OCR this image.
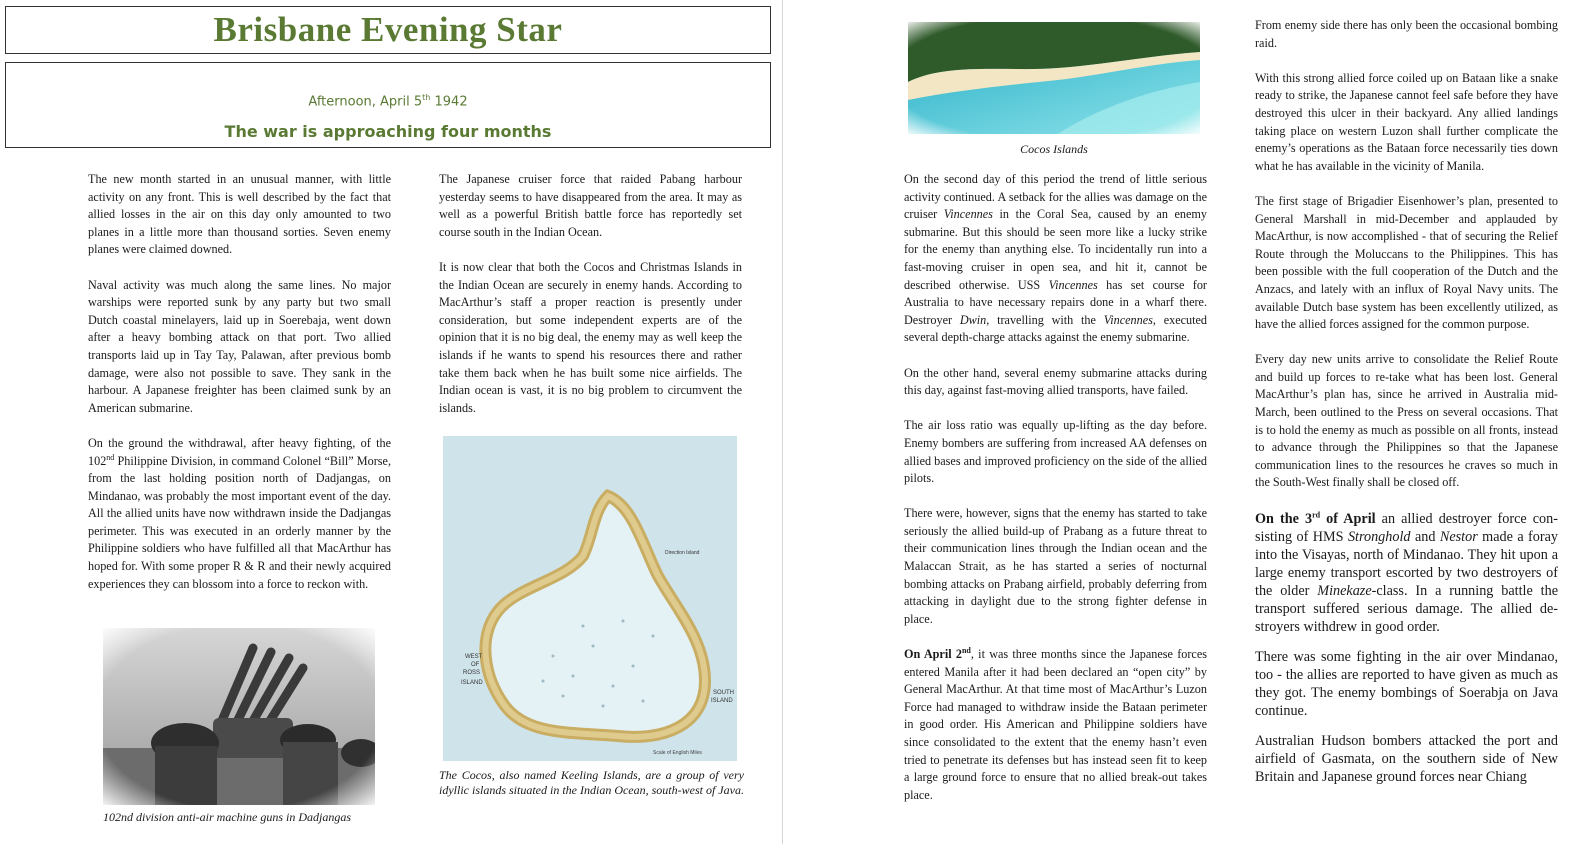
Brisbane Evening Star
Afternoon, April 5th 1942
The war is approaching four months

The new month started in an unusual manner, with little activity on any front. This is well described by the fact that allied losses in the air on this day only amounted to two planes in a little more than thousand sorties. Seven enemy planes were claimed downed.

Naval activity was much along the same lines. No major warships were reported sunk by any party but two small Dutch coastal minelayers, laid up in Soerebaja, went down after a heavy bombing attack on that port. Two allied transports laid up in Tay Tay, Palawan, after previous bomb damage, were also not possible to save. They sank in the harbour. A Japanese freighter has been claimed sunk by an American submarine.

On the ground the withdrawal, after heavy fighting, of the 102nd Philippine Division, in command Colonel “Bill” Morse, from the last holding position north of Dadjangas, on Mindanao, was probably the most important event of the day. All the allied units have now withdrawn inside the Dadjangas perimeter. This was executed in an orderly manner by the Philippine soldiers who have fulfilled all that MacArthur has hoped for. With some proper R & R and their newly acquired experiences they can blossom into a force to reckon with.

102nd division anti-air machine guns in Dadjangas

The Japanese cruiser force that raided Pabang harbour yesterday seems to have disappeared from the area. It may as well as a powerful British battle force has reportedly set course south in the Indian Ocean.

It is now clear that both the Cocos and Christmas Islands in the Indian Ocean are securely in enemy hands. According to MacArthur’s staff a proper reaction is presently under consideration, but some independent experts are of the opinion that it is no big deal, the enemy may as well keep the islands if he wants to spend his resources there and rather take them back when he has built some nice airfields. The Indian ocean is vast, it is no big problem to circumvent the islands.

WEST
OF
ROSS
ISLAND
SOUTH
ISLAND
Direction Island
Scale of English Miles
The Cocos, also named Keeling Islands, are a group of very idyllic islands situated in the Indian Ocean, south-west of Java.
Cocos Islands

On the second day of this period the trend of little serious activity continued. A setback for the allies was damage on the cruiser Vincennes in the Coral Sea, caused by an enemy submarine. But this should be seen more like a lucky strike for the enemy than anything else. To incidentally run into a fast-moving cruiser in open sea, and hit it, cannot be described otherwise. USS Vincennes has set course for Australia to have necessary repairs done in a wharf there. Destroyer Dwin, travelling with the Vincennes, executed several depth-charge attacks against the enemy submarine.

On the other hand, several enemy submarine attacks during this day, against fast-moving allied transports, have failed.

The air loss ratio was equally up-lifting as the day before. Enemy bombers are suffering from increased AA defenses on allied bases and improved proficiency on the side of the allied pilots.

There were, however, signs that the enemy has started to take seriously the allied build-up of Prabang as a future threat to their communication lines through the Indian ocean and the Malaccan Strait, as he has started a series of nocturnal bombing attacks on Prabang airfield, probably deferring from attacking in daylight due to the strong fighter defense in place.

On April 2nd, it was three months since the Japanese forces entered Manila after it had been declared an “open city” by General MacArthur. At that time most of MacArthur’s Luzon Force had managed to withdraw inside the Bataan perimeter in good order. His American and Philippine soldiers have since consolidated to the extent that the enemy hasn’t even tried to penetrate its defenses but has instead seen fit to keep a large ground force to ensure that no allied break-out takes place.

From enemy side there has only been the occasional bombing raid.

With this strong allied force coiled up on Bataan like a snake ready to strike, the Japanese cannot feel safe before they have destroyed this ulcer in their backyard. Any allied landings taking place on western Luzon shall further complicate the enemy’s operations as the Bataan force necessarily ties down what he has available in the vicinity of Manila.

The first stage of Brigadier Eisenhower’s plan, presented to General Marshall in mid-December and applauded by MacArthur, is now accomplished - that of securing the Relief Route through the Moluccans to the Philippines. This has been possible with the full cooperation of the Dutch and the Anzacs, and lately with an influx of Royal Navy units. The available Dutch base system has been excellently utilized, as have the allied forces assigned for the common purpose.

Every day new units arrive to consolidate the Relief Route and build up forces to re-take what has been lost. General MacArthur’s plan has, since he arrived in Australia mid-March, been outlined to the Press on several occasions. That is to hold the enemy as much as possible on all fronts, instead to advance through the Philippines so that the Japanese communication lines to the resources he craves so much in the South-West finally shall be closed off.

On the 3rd of April an allied destroyer force consisting of HMS Stronghold and Nestor made a foray into the Visayas, north of Mindanao. They hit upon a large enemy transport escorted by two destroyers of the older Minekaze-class. In a running battle the transport suffered serious damage. The allied destroyers withdrew in good order.

There was some fighting in the air over Mindanao, too - the allies are reported to have given as much as they got. The enemy bombings of Soerabja on Java continue.

Australian Hudson bombers attacked the port and airfield of Gasmata, on the southern side of New Britain and Japanese ground forces near Chiang
